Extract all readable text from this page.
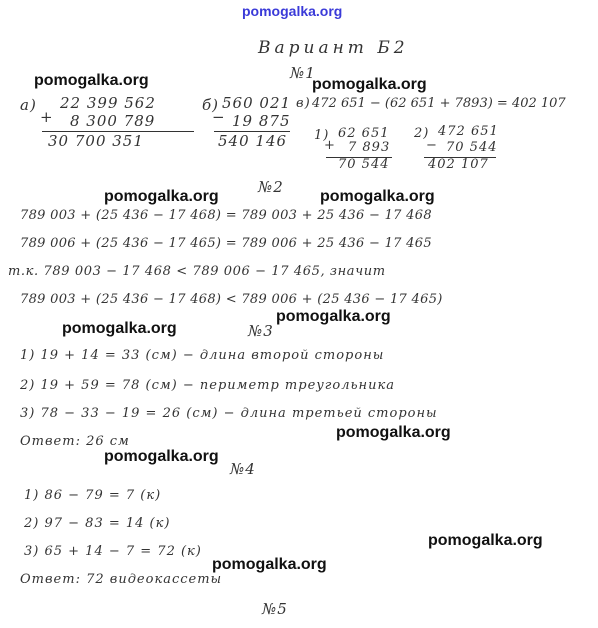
pomogalka.org
Вариант Б2
№1
а) 22 399 562
+ 8 300 789
30 700 351
б) 560 021
− 19 875
540 146
в) 472 651 − (62 651 + 7893) = 402 107
1) 62 651
+ 7 893
70 544
2) 472 651
− 70 544
402 107
№2
789 003 + (25 436 − 17 468) = 789 003 + 25 436 − 17 468
789 006 + (25 436 − 17 465) = 789 006 + 25 436 − 17 465
т.к. 789 003 − 17 468 < 789 006 − 17 465, значит
789 003 + (25 436 − 17 468) < 789 006 + (25 436 − 17 465)
№3
1) 19 + 14 = 33 (см) − длина второй стороны
2) 19 + 59 = 78 (см) − периметр треугольника
3) 78 − 33 − 19 = 26 (см) − длина третьей стороны
Ответ: 26 см
№4
1) 86 − 79 = 7 (к)
2) 97 − 83 = 14 (к)
3) 65 + 14 − 7 = 72 (к)
Ответ: 72 видеокассеты
№5
pomogalka.org	pomogalka.org
pomogalka.org	pomogalka.org
pomogalka.org
pomogalka.org
pomogalka.org
pomogalka.org
pomogalka.org
pomogalka.org
